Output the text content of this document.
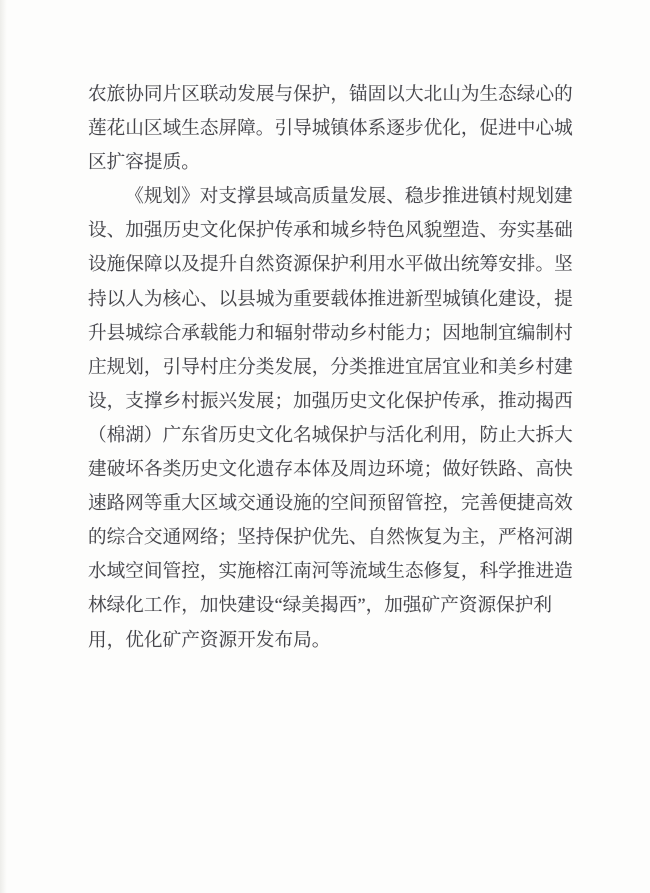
农旅协同片区联动发展与保护，锚固以大北山为生态绿心的
莲花山区域生态屏障。引导城镇体系逐步优化，促进中心城
区扩容提质。
《规划》对支撑县域高质量发展、稳步推进镇村规划建
设、加强历史文化保护传承和城乡特色风貌塑造、夯实基础
设施保障以及提升自然资源保护利用水平做出统筹安排。坚
持以人为核心、以县城为重要载体推进新型城镇化建设，提
升县城综合承载能力和辐射带动乡村能力；因地制宜编制村
庄规划，引导村庄分类发展，分类推进宜居宜业和美乡村建
设，支撑乡村振兴发展；加强历史文化保护传承，推动揭西
（棉湖）广东省历史文化名城保护与活化利用，防止大拆大
建破坏各类历史文化遗存本体及周边环境；做好铁路、高快
速路网等重大区域交通设施的空间预留管控，完善便捷高效
的综合交通网络；坚持保护优先、自然恢复为主，严格河湖
水域空间管控，实施榕江南河等流域生态修复，科学推进造
林绿化工作，加快建设“绿美揭西”，加强矿产资源保护利
用，优化矿产资源开发布局。
